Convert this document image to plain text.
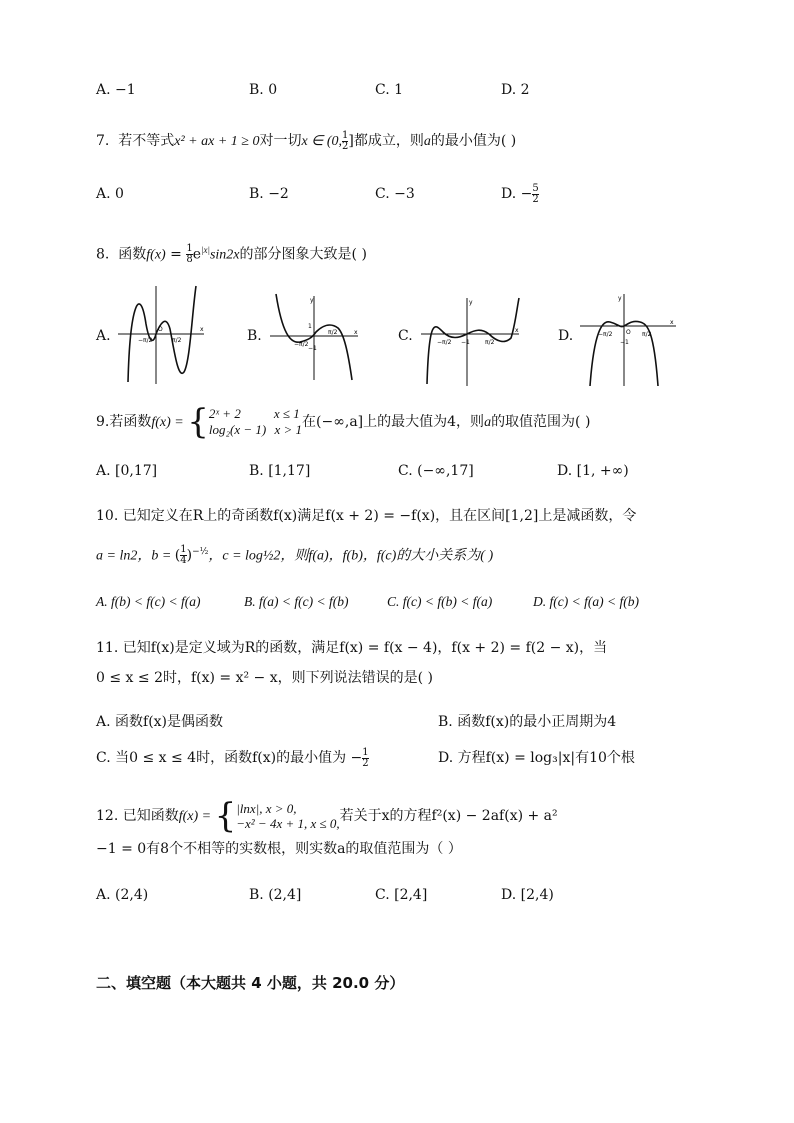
A. −1	B. 0	C. 1	D. 2
7. 若不等式x² + ax + 1 ≥ 0对一切x ∈ (0, $\frac{1}{2}$ ]都成立，则a的最小值为( )
A. 0	B. −2	C. −3	D. − $\frac{5}{2}$
8. 函数$f(x) = \frac{1}{8} e^{|x|}\sin 2x$的部分图象大致是( )
A.	−π/2
O
π/2
x	B.
y
1
−1
−π/2
π/2	x	C.
y
−1
−π/2	π/2
x	D.
y
O
−1
−π/2	π/2
x
9.若函数f(x) = { 2ˣ + 2	x ≤ 1
log₂(x − 1) x > 1 在(−∞,a]上的最大值为4，则a的取值范围为( )
A. [0,17]	B. [1,17]	C. (−∞,17]	D. [1, +∞)
10. 已知定义在R上的奇函数f(x)满足f(x + 2) = −f(x)，且在区间[1,2]上是减函数，令
a = ln2，b = ( $\frac{1}{4} )^{-\frac{1}{2}}$，c = log½2，则f(a)，f(b)，f(c)的大小关系为( )
A. f(b) < f(c) < f(a)	B. f(a) < f(c) < f(b)	C. f(c) < f(b) < f(a)	D. f(c) < f(a) < f(b)
11. 已知f(x)是定义域为R的函数，满足f(x) = f(x − 4)，f(x + 2) = f(2 − x)，当
0 ≤ x ≤ 2时，f(x) = x² − x，则下列说法错误的是( )
A. 函数f(x)是偶函数	B. 函数f(x)的最小正周期为4
C. 当0 ≤ x ≤ 4时，函数f(x)的最小值为 − $\frac{1}{2}$	D. 方程f(x) = log₃|x|有10个根
12. 已知函数f(x) = { |lnx|, x > 0,
−x² − 4x + 1, x ≤ 0, 若关于x的方程f²(x) − 2af(x) + a²
−1 = 0有8个不相等的实数根，则实数a的取值范围为（ ）
A. (2,4)	B. (2,4]	C. [2,4]	D. [2,4)
二、填空题（本大题共 4 小题，共 20.0 分）
